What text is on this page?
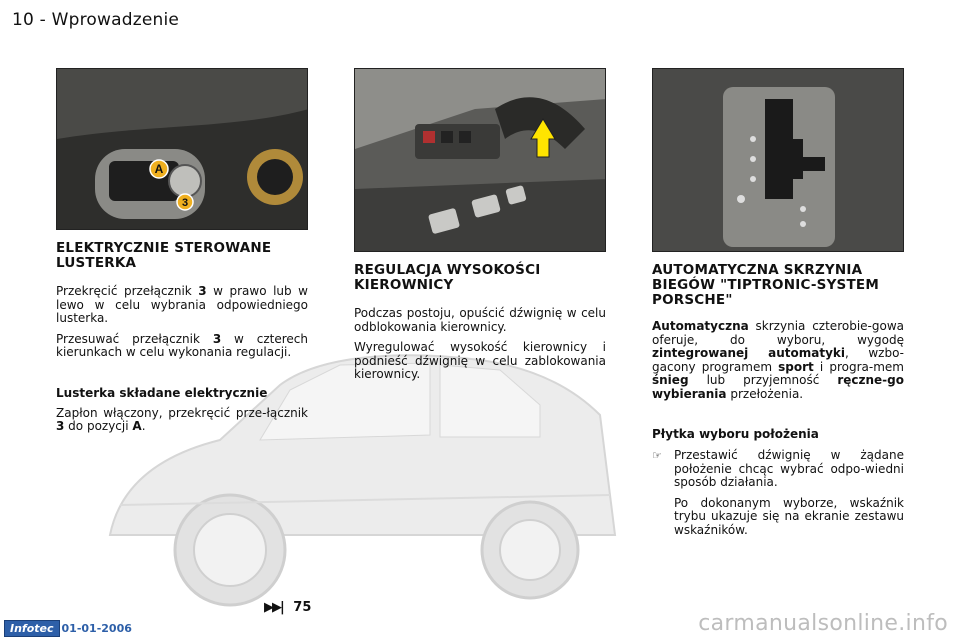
10 - Wprowadzenie
A
3
ELEKTRYCZNIE STEROWANE LUSTERKA

Przekręcić przełącznik 3 w prawo lub w lewo w celu wybrania odpowiedniego lusterka.

Przesuwać przełącznik 3 w czterech kierunkach w celu wykonania regulacji.

Lusterka składane elektrycznie

Zapłon włączony, przekręcić prze-łącznik 3 do pozycji A.

REGULACJA WYSOKOŚCI KIEROWNICY

Podczas postoju, opuścić dźwignię w celu odblokowania kierownicy.

Wyregulować wysokość kierownicy i podnieść dźwignię w celu zablokowania kierownicy.

AUTOMATYCZNA SKRZYNIA BIEGÓW "TIPTRONIC-SYSTEM PORSCHE"

Automatyczna skrzynia czterobie-gowa oferuje, do wyboru, wygodę zintegrowanej automatyki, wzbo-gacony programem sport i progra-mem śnieg lub przyjemność ręczne-go wybierania przełożenia.

Płytka wyboru położenia

☞ Przestawić dźwignię w żądane położenie chcąc wybrać odpo-wiedni sposób działania.

Po dokonanym wyborze, wskaźnik trybu ukazuje się na ekranie zestawu wskaźników.

▶▶| 75
Infotec 01-01-2006	carmanualsonline.info
